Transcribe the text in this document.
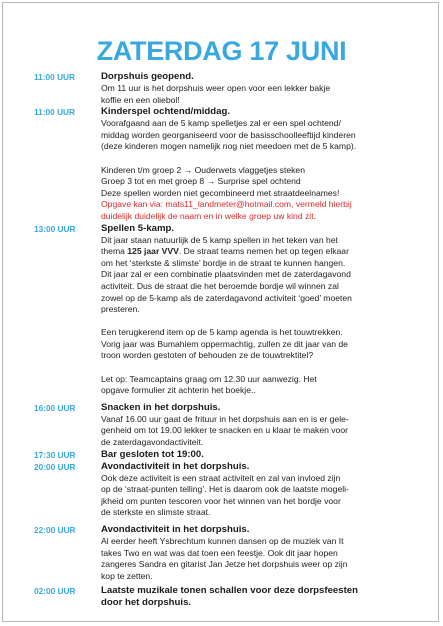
ZATERDAG 17 JUNI
11:00 UUR	Dorpshuis geopend.

Om 11 uur is het dorpshuis weer open voor een lekker bakje

koffie en een oliebol!

11:00 UUR	Kinderspel ochtend/middag.

Voorafgaand aan de 5 kamp spelletjes zal er een spel ochtend/

middag worden georganiseerd voor de basisschoolleeftijd kinderen

(deze kinderen mogen namelijk nog niet meedoen met de 5 kamp).

Kinderen t/m groep 2 → Ouderwets vlaggetjes steken

Groep 3 tot en met groep 8 → Surprise spel ochtend

Deze spellen worden niet gecombineerd met straatdeelnames!

Opgave kan via: mats11_landmeter@hotmail.com, vermeld hierbij

duidelijk duidelijk de naam en in welke groep uw kind zit.

13:00 UUR	Spellen 5-kamp.

Dit jaar staan natuurlijk de 5 kamp spellen in het teken van het

thema 125 jaar VVV. De straat teams nemen het op tegen elkaar

om het ‘sterkste & slimste’ bordje in de straat te kunnen hangen.

Dit jaar zal er een combinatie plaatsvinden met de zaterdagavond

activiteit. Dus de straat die het beroemde bordje wil winnen zal

zowel op de 5-kamp als de zaterdagavond activiteit ‘goed’ moeten

presteren.

Een terugkerend item op de 5 kamp agenda is het touwtrekken.

Vorig jaar was Bumahiem oppermachtig, zullen ze dit jaar van de

troon worden gestoten of behouden ze de touwtrektitel?

Let op: Teamcaptains graag om 12.30 uur aanwezig. Het

opgave formulier zit achterin het boekje..

16:00 UUR	Snacken in het dorpshuis.

Vanaf 16.00 uur gaat de frituur in het dorpshuis aan en is er gele-

genheid om tot 19.00 lekker te snacken en u klaar te maken voor

de zaterdagavondactiviteit.

17:30 UUR	Bar gesloten tot 19:00.
20:00 UUR	Avondactiviteit in het dorpshuis.

Ook deze activiteit is een straat activiteit en zal van invloed zijn

op de ‘straat-punten telling’. Het is daarom ook de laatste mogeli-

jkheid om punten tescoren voor het winnen van het bordje voor

de sterkste en slimste straat.

22:00 UUR	Avondactiviteit in het dorpshuis.

Al eerder heeft Ysbrechtum kunnen dansen op de muziek van It

takes Two en wat was dat toen een feestje. Ook dit jaar hopen

zangeres Sandra en gitarist Jan Jetze het dorpshuis weer op zijn

kop te zetten.

02:00 UUR	Laatste muzikale tonen schallen voor deze dorpsfeesten
door het dorpshuis.
